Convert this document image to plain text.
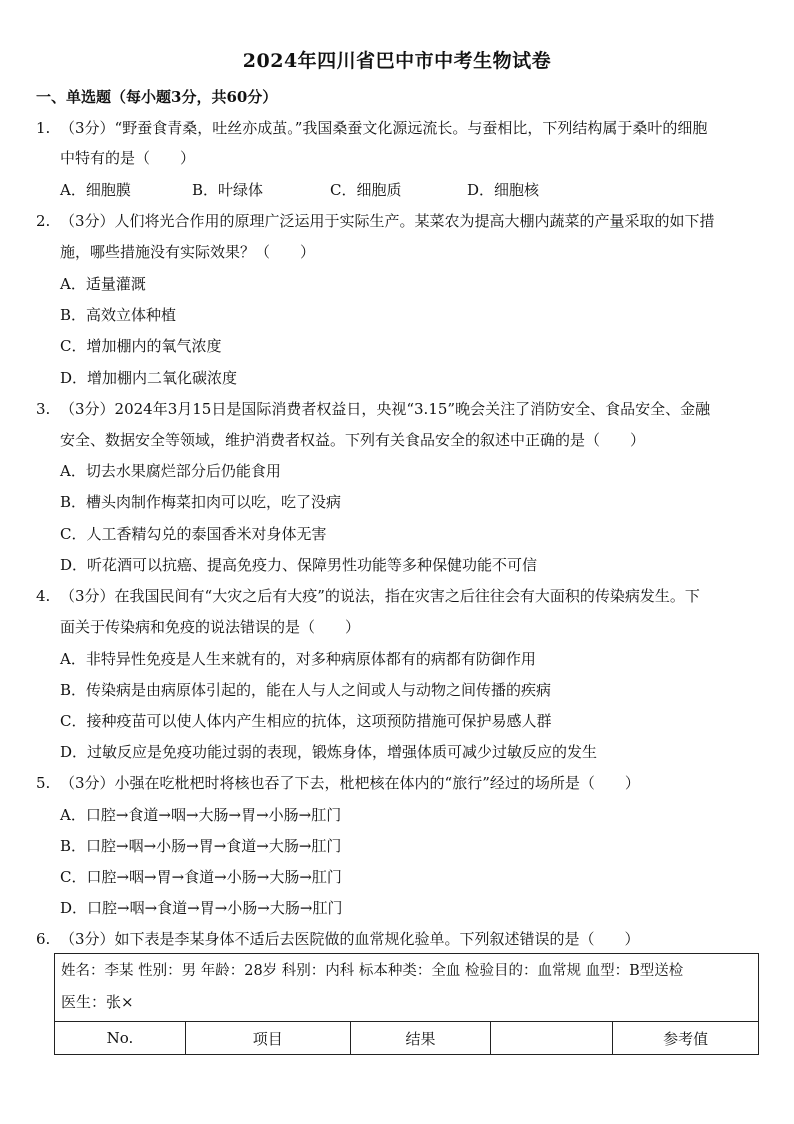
2024年四川省巴中市中考生物试卷
一、单选题（每小题3分，共60分）
1. （3分）“野蚕食青桑，吐丝亦成茧。”我国桑蚕文化源远流长。与蚕相比，下列结构属于桑叶的细胞
中特有的是（　　）
A．细胞膜	B．叶绿体	C．细胞质	D．细胞核
2. （3分）人们将光合作用的原理广泛运用于实际生产。某菜农为提高大棚内蔬菜的产量采取的如下措
施，哪些措施没有实际效果？（　　）
A．适量灌溉
B．高效立体种植
C．增加棚内的氧气浓度
D．增加棚内二氧化碳浓度
3. （3分）2024年3月15日是国际消费者权益日，央视“3.15”晚会关注了消防安全、食品安全、金融
安全、数据安全等领域，维护消费者权益。下列有关食品安全的叙述中正确的是（　　）
A．切去水果腐烂部分后仍能食用
B．槽头肉制作梅菜扣肉可以吃，吃了没病
C．人工香精勾兑的泰国香米对身体无害
D．听花酒可以抗癌、提高免疫力、保障男性功能等多种保健功能不可信
4. （3分）在我国民间有“大灾之后有大疫”的说法，指在灾害之后往往会有大面积的传染病发生。下
面关于传染病和免疫的说法错误的是（　　）
A．非特异性免疫是人生来就有的，对多种病原体都有的病都有防御作用
B．传染病是由病原体引起的，能在人与人之间或人与动物之间传播的疾病
C．接种疫苗可以使人体内产生相应的抗体，这项预防措施可保护易感人群
D．过敏反应是免疫功能过弱的表现，锻炼身体，增强体质可减少过敏反应的发生
5. （3分）小强在吃枇杷时将核也吞了下去，枇杷核在体内的“旅行”经过的场所是（　　）
A．口腔→食道→咽→大肠→胃→小肠→肛门
B．口腔→咽→小肠→胃→食道→大肠→肛门
C．口腔→咽→胃→食道→小肠→大肠→肛门
D．口腔→咽→食道→胃→小肠→大肠→肛门
6. （3分）如下表是李某身体不适后去医院做的血常规化验单。下列叙述错误的是（　　）
姓名：李某 性别：男 年龄：28岁 科别：内科 标本种类：全血 检验目的：血常规 血型：B型送检
医生：张×

No.	项目	结果		参考值
